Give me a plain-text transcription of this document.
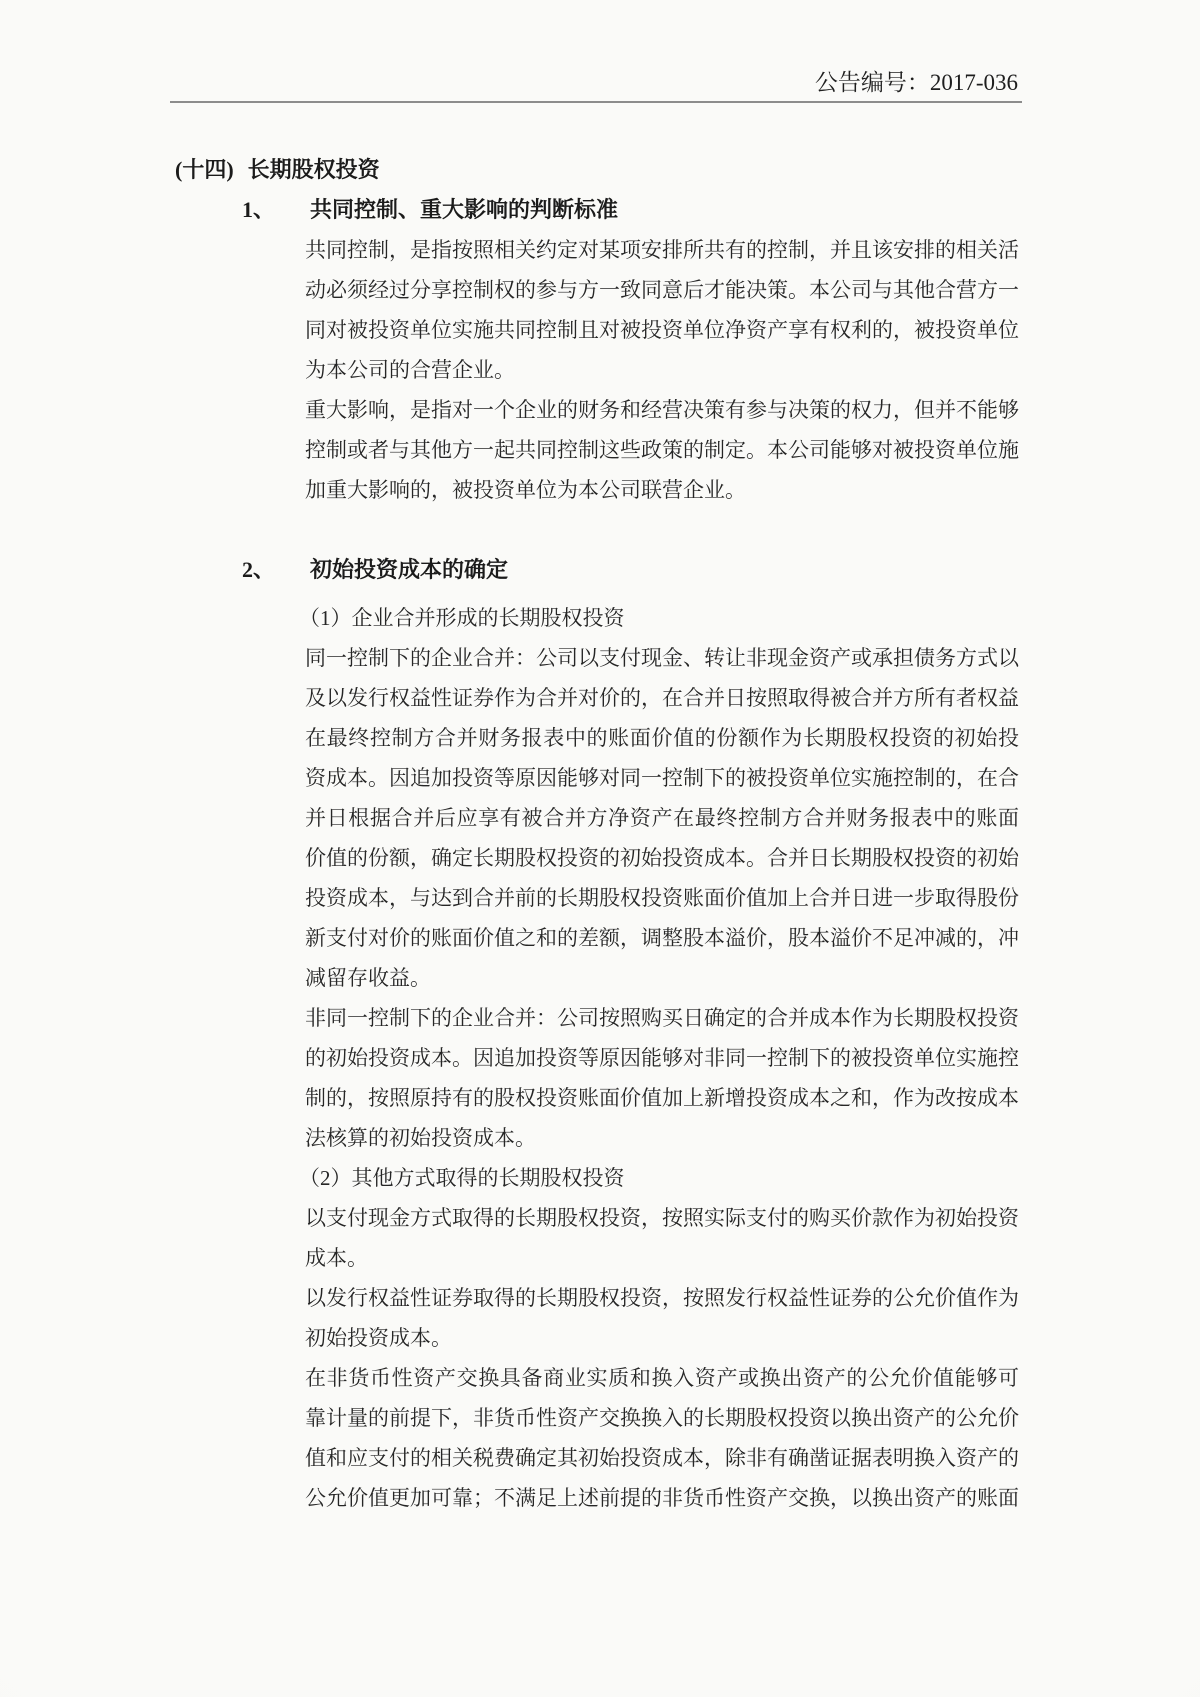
公告编号：2017-036
(十四) 长期股权投资
1、 共同控制、重大影响的判断标准
共同控制，是指按照相关约定对某项安排所共有的控制，并且该安排的相关活
动必须经过分享控制权的参与方一致同意后才能决策。本公司与其他合营方一
同对被投资单位实施共同控制且对被投资单位净资产享有权利的，被投资单位
为本公司的合营企业。
重大影响，是指对一个企业的财务和经营决策有参与决策的权力，但并不能够
控制或者与其他方一起共同控制这些政策的制定。本公司能够对被投资单位施
加重大影响的，被投资单位为本公司联营企业。
2、 初始投资成本的确定
（1）企业合并形成的长期股权投资
同一控制下的企业合并：公司以支付现金、转让非现金资产或承担债务方式以
及以发行权益性证券作为合并对价的，在合并日按照取得被合并方所有者权益
在最终控制方合并财务报表中的账面价值的份额作为长期股权投资的初始投
资成本。因追加投资等原因能够对同一控制下的被投资单位实施控制的，在合
并日根据合并后应享有被合并方净资产在最终控制方合并财务报表中的账面
价值的份额，确定长期股权投资的初始投资成本。合并日长期股权投资的初始
投资成本，与达到合并前的长期股权投资账面价值加上合并日进一步取得股份
新支付对价的账面价值之和的差额，调整股本溢价，股本溢价不足冲减的，冲
减留存收益。
非同一控制下的企业合并：公司按照购买日确定的合并成本作为长期股权投资
的初始投资成本。因追加投资等原因能够对非同一控制下的被投资单位实施控
制的，按照原持有的股权投资账面价值加上新增投资成本之和，作为改按成本
法核算的初始投资成本。
（2）其他方式取得的长期股权投资
以支付现金方式取得的长期股权投资，按照实际支付的购买价款作为初始投资
成本。
以发行权益性证券取得的长期股权投资，按照发行权益性证券的公允价值作为
初始投资成本。
在非货币性资产交换具备商业实质和换入资产或换出资产的公允价值能够可
靠计量的前提下，非货币性资产交换换入的长期股权投资以换出资产的公允价
值和应支付的相关税费确定其初始投资成本，除非有确凿证据表明换入资产的
公允价值更加可靠；不满足上述前提的非货币性资产交换，以换出资产的账面
